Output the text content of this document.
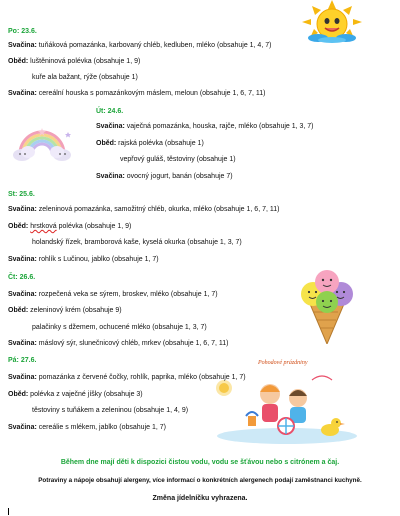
Pohodové prázdniny
Po: 23.6.
Svačina: tuňáková pomazánka, karbovaný chléb, kedluben, mléko (obsahuje 1, 4, 7)
Oběd: luštěninová polévka (obsahuje 1, 9)
kuře ala bažant, rýže (obsahuje 1)
Svačina: cereální houska s pomazánkovým máslem, meloun (obsahuje 1, 6, 7, 11)
Út: 24.6.
Svačina: vaječná pomazánka, houska, rajče, mléko (obsahuje 1, 3, 7)
Oběd: rajská polévka (obsahuje 1)
vepřový guláš, těstoviny (obsahuje 1)
Svačina: ovocný jogurt, banán (obsahuje 7)
St: 25.6.
Svačina: zeleninová pomazánka, samožitný chléb, okurka, mléko (obsahuje 1, 6, 7, 11)
Oběd: hrstková polévka (obsahuje 1, 9)
holandský řízek, bramborová kaše, kyselá okurka (obsahuje 1, 3, 7)
Svačina: rohlík s Lučinou, jablko (obsahuje 1, 7)
Čt: 26.6.
Svačina: rozpečená veka se sýrem, broskev, mléko (obsahuje 1, 7)
Oběd: zeleninový krém (obsahuje 9)
palačinky s džemem, ochucené mléko (obsahuje 1, 3, 7)
Svačina: máslový sýr, slunečnicový chléb, mrkev (obsahuje 1, 6, 7, 11)
Pá: 27.6.
Svačina: pomazánka z červené čočky, rohlík, paprika, mléko (obsahuje 1, 7)
Oběd: polévka z vaječné jíšky (obsahuje 3)
těstoviny s tuňákem a zeleninou (obsahuje 1, 4, 9)
Svačina: cereálie s mlékem, jablko (obsahuje 1, 7)
Během dne mají děti k dispozici čistou vodu, vodu se šťávou nebo s citrónem a čaj.
Potraviny a nápoje obsahují alergeny, více informací o konkrétních alergenech podají zaměstnanci kuchyně.
Změna jídelníčku vyhrazena.
